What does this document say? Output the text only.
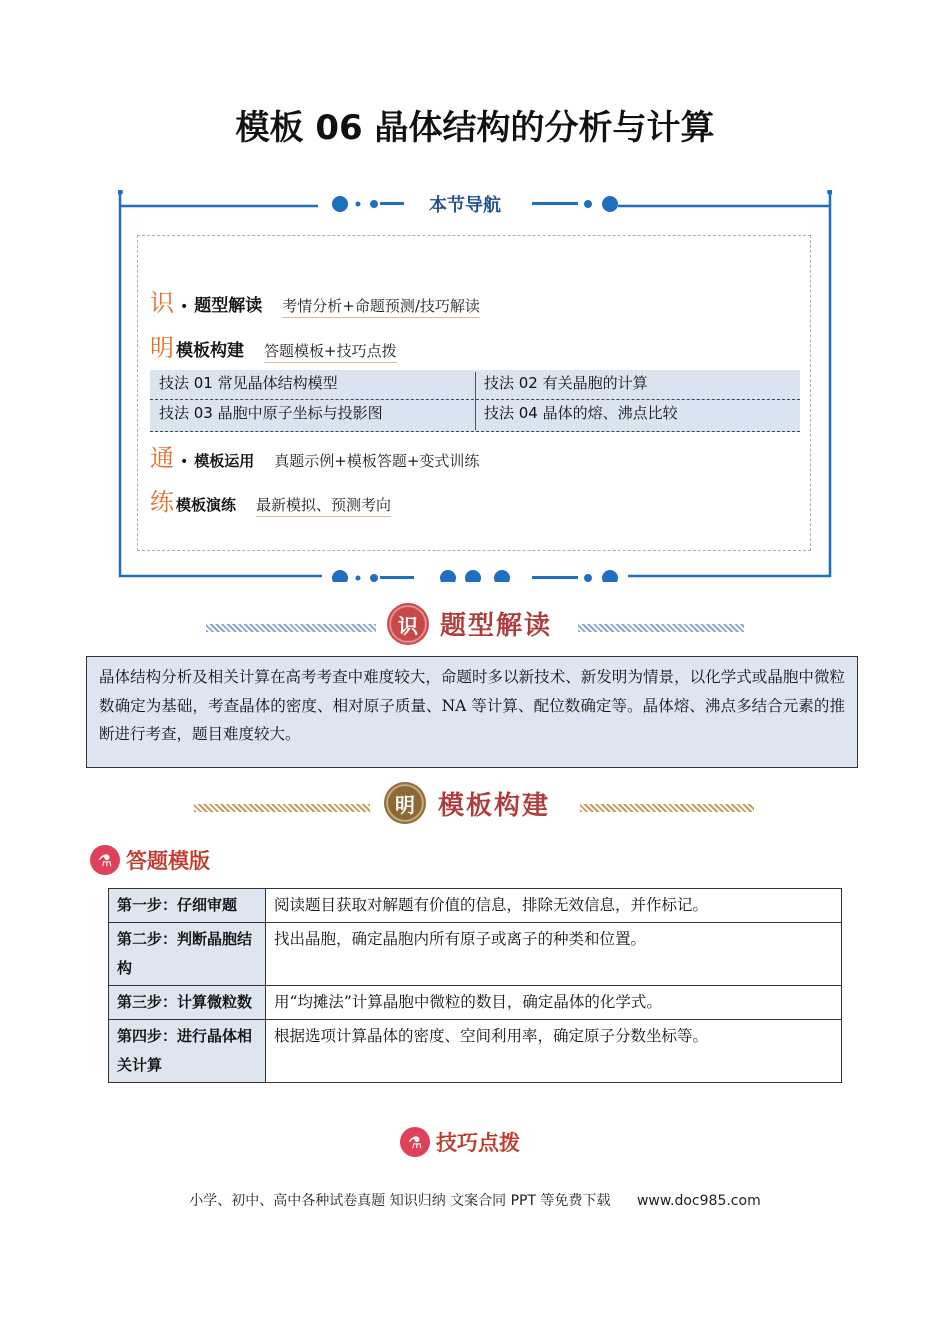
模板 06 晶体结构的分析与计算
本节导航
识 • 题型解读 考情分析+命题预测/技巧解读
明 模板构建 答题模板+技巧点拨
技法 01 常见晶体结构模型	技法 02 有关晶胞的计算
技法 03 晶胞中原子坐标与投影图	技法 04 晶体的熔、沸点比较
通 • 模板运用 真题示例+模板答题+变式训练
练 模板演练 最新模拟、预测考向
识 题型解读
晶体结构分析及相关计算在高考考查中难度较大，命题时多以新技术、新发明为情景，以化学式或晶胞中微粒数确定为基础，考查晶体的密度、相对原子质量、NA 等计算、配位数确定等。晶体熔、沸点多结合元素的推断进行考查，题目难度较大。
明 模板构建
⚗ 答题模版
第一步：仔细审题	阅读题目获取对解题有价值的信息，排除无效信息，并作标记。
第二步：判断晶胞结构	找出晶胞，确定晶胞内所有原子或离子的种类和位置。
第三步：计算微粒数	用“均摊法”计算晶胞中微粒的数目，确定晶体的化学式。
第四步：进行晶体相关计算	根据选项计算晶体的密度、空间利用率，确定原子分数坐标等。
⚗ 技巧点拨
小学、初中、高中各种试卷真题 知识归纳 文案合同 PPT 等免费下载 www.doc985.com
